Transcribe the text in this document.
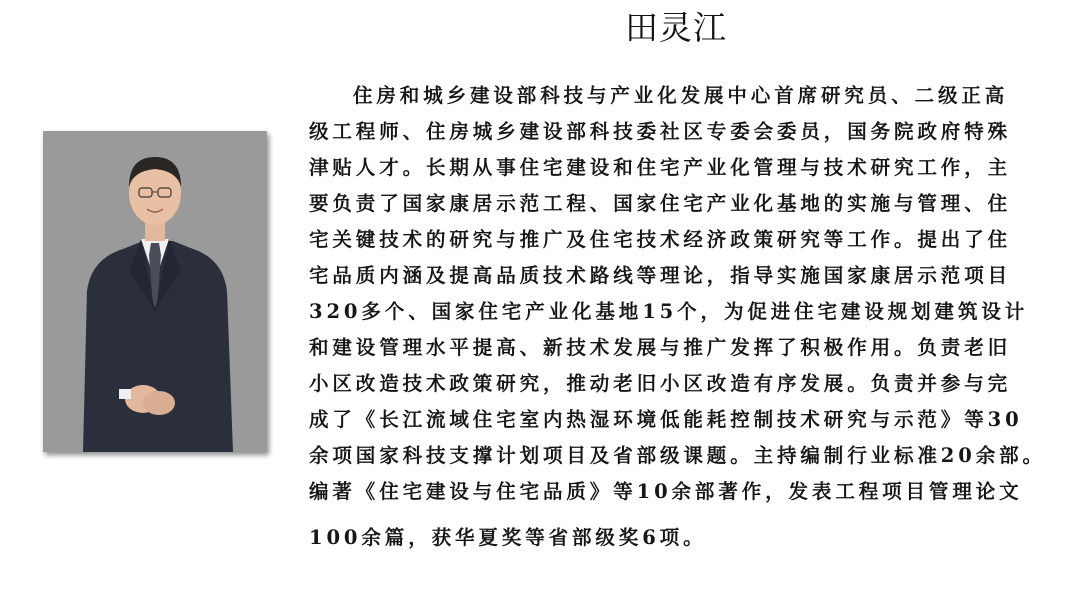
田灵江
住房和城乡建设部科技与产业化发展中心首席研究员、二级正高
级工程师、住房城乡建设部科技委社区专委会委员，国务院政府特殊
津贴人才。长期从事住宅建设和住宅产业化管理与技术研究工作，主
要负责了国家康居示范工程、国家住宅产业化基地的实施与管理、住
宅关键技术的研究与推广及住宅技术经济政策研究等工作。提出了住
宅品质内涵及提高品质技术路线等理论，指导实施国家康居示范项目
320多个、国家住宅产业化基地15个，为促进住宅建设规划建筑设计
和建设管理水平提高、新技术发展与推广发挥了积极作用。负责老旧
小区改造技术政策研究，推动老旧小区改造有序发展。负责并参与完
成了《长江流域住宅室内热湿环境低能耗控制技术研究与示范》等30
余项国家科技支撑计划项目及省部级课题。主持编制行业标准20余部。
编著《住宅建设与住宅品质》等10余部著作，发表工程项目管理论文
100余篇，获华夏奖等省部级奖6项。
